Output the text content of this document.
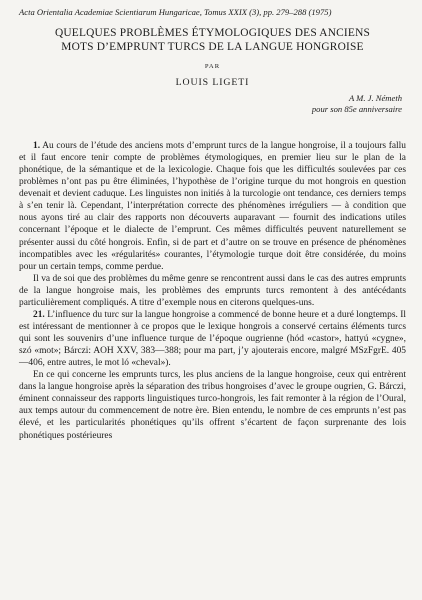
Acta Orientalia Academiae Scientiarum Hungaricae, Tomus XXIX (3), pp. 279–288 (1975)
QUELQUES PROBLÈMES ÉTYMOLOGIQUES DES ANCIENS
MOTS D’EMPRUNT TURCS DE LA LANGUE HONGROISE
PAR
LOUIS LIGETI
A M. J. Németh
pour son 85e anniversaire

1. Au cours de l’étude des anciens mots d’emprunt turcs de la langue hongroise, il a toujours fallu et il faut encore tenir compte de problèmes étymologiques, en premier lieu sur le plan de la phonétique, de la sémantique et de la lexicologie. Chaque fois que les difficultés soulevées par ces problèmes n’ont pas pu être éliminées, l’hypothèse de l’origine turque du mot hongrois en question devenait et devient caduque. Les linguistes non initiés à la turcologie ont tendance, ces derniers temps à s’en tenir là. Cependant, l’interprétation correcte des phénomènes irréguliers — à condition que nous ayons tiré au clair des rapports non découverts auparavant — fournit des indications utiles concernant l’époque et le dialecte de l’emprunt. Ces mêmes difficultés peuvent naturellement se présenter aussi du côté hongrois. Enfin, si de part et d’autre on se trouve en présence de phénomènes incompatibles avec les «régularités» courantes, l’étymologie turque doit être considérée, du moins pour un certain temps, comme perdue.

Il va de soi que des problèmes du même genre se rencontrent aussi dans le cas des autres emprunts de la langue hongroise mais, les problèmes des emprunts turcs remontent à des antécédants particulièrement compliqués. A titre d’exemple nous en citerons quelques-uns.

21. L’influence du turc sur la langue hongroise a commencé de bonne heure et a duré longtemps. Il est intéressant de mentionner à ce propos que le lexique hongrois a conservé certains éléments turcs qui sont les souvenirs d’une influence turque de l’époque ougrienne (hód «castor», hattyú «cygne», szó «mot»; Bárczi: AOH XXV, 383—388; pour ma part, j’y ajouterais encore, malgré MSzFgrE. 405—406, entre autres, le mot ló «cheval»).

En ce qui concerne les emprunts turcs, les plus anciens de la langue hongroise, ceux qui entrèrent dans la langue hongroise après la séparation des tribus hongroises d’avec le groupe ougrien, G. Bárczi, éminent connaisseur des rapports linguistiques turco-hongrois, les fait remonter à la région de l’Oural, aux temps autour du commencement de notre ère. Bien entendu, le nombre de ces emprunts n’est pas élevé, et les particularités phonétiques qu’ils offrent s’écartent de façon surprenante des lois phonétiques postérieures
